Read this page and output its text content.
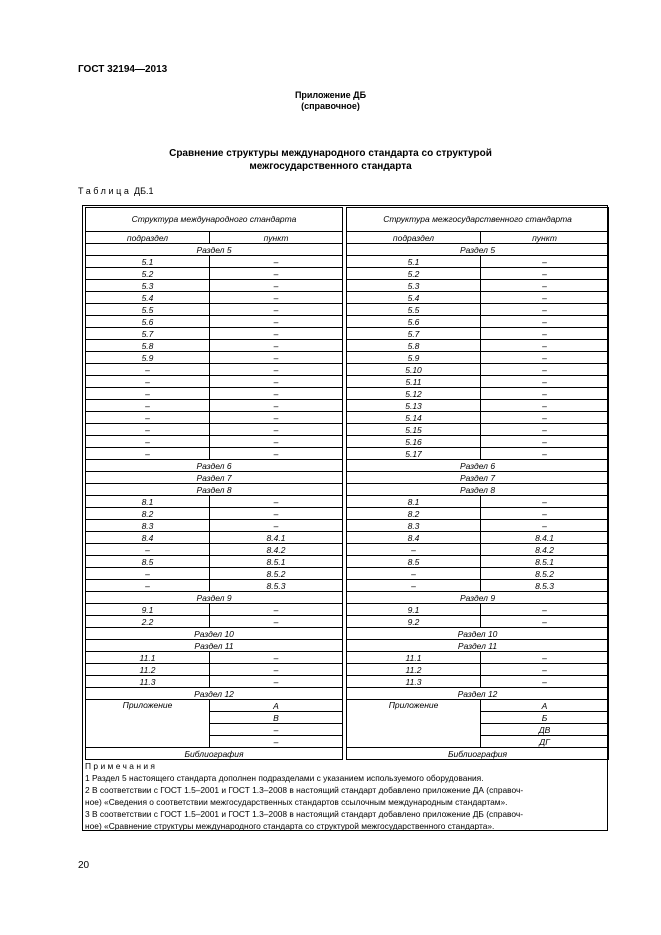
ГОСТ 32194—2013
Приложение ДБ
(справочное)
Сравнение структуры международного стандарта со структурой
межгосударственного стандарта
Таблица ДБ.1
Структура международного стандарта			Структура межгосударственного стандарта	
подраздел	пункт		подраздел	пункт
Раздел 5			Раздел 5	
5.1	–		5.1	–
5.2	–		5.2	–
5.3	–		5.3	–
5.4	–		5.4	–
5.5	–		5.5	–
5.6	–		5.6	–
5.7	–		5.7	–
5.8	–		5.8	–
5.9	–		5.9	–
–	–		5.10	–
–	–		5.11	–
–	–		5.12	–
–	–		5.13	–
–	–		5.14	–
–	–		5.15	–
–	–		5.16	–
–	–		5.17	–
Раздел 6			Раздел 6	
Раздел 7			Раздел 7	
Раздел 8			Раздел 8	
8.1	–		8.1	–
8.2	–		8.2	–
8.3	–		8.3	–
8.4	8.4.1		8.4	8.4.1
–	8.4.2		–	8.4.2
8.5	8.5.1		8.5	8.5.1
–	8.5.2		–	8.5.2
–	8.5.3		–	8.5.3
Раздел 9			Раздел 9	
9.1	–		9.1	–
2.2	–		9.2	–
Раздел 10			Раздел 10	
Раздел 11			Раздел 11	
11.1	–		11.1	–
11.2	–		11.2	–
11.3	–		11.3	–
Раздел 12			Раздел 12	
Приложение	А		Приложение	А
	В			Б
	–			ДВ
	–			ДГ
Библиография			Библиография	
Примечания
1 Раздел 5 настоящего стандарта дополнен подразделами с указанием используемого оборудования.
2 В соответствии с ГОСТ 1.5–2001 и ГОСТ 1.3–2008 в настоящий стандарт добавлено приложение ДА (справоч-
ное) «Сведения о соответствии межгосударственных стандартов ссылочным международным стандартам».
3 В соответствии с ГОСТ 1.5–2001 и ГОСТ 1.3–2008 в настоящий стандарт добавлено приложение ДБ (справоч-
ное) «Сравнение структуры международного стандарта со структурой межгосударственного стандарта».
20
